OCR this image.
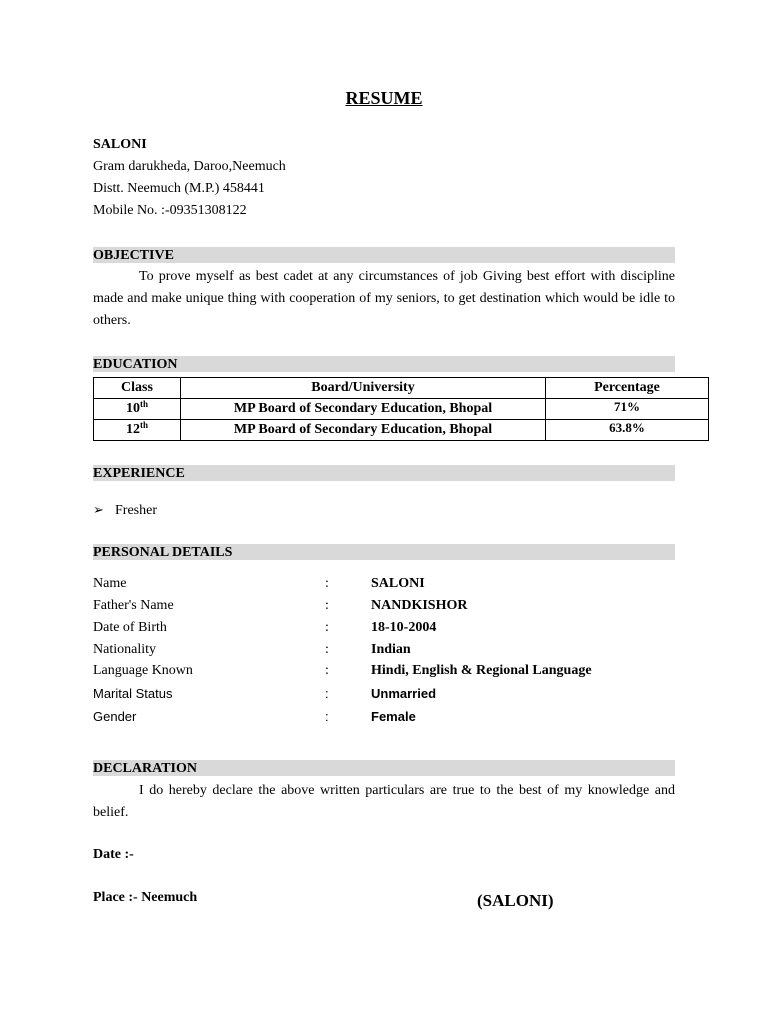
RESUME
SALONI
Gram darukheda, Daroo,Neemuch
Distt. Neemuch (M.P.) 458441
Mobile No. :-09351308122
OBJECTIVE
To prove myself as best cadet at any circumstances of job Giving best effort with discipline made and make unique thing with cooperation of my seniors, to get destination which would be idle to others.
EDUCATION
Class	Board/University	Percentage
10th	MP Board of Secondary Education, Bhopal	71%
12th	MP Board of Secondary Education, Bhopal	63.8%
EXPERIENCE
➢ Fresher
PERSONAL DETAILS
Name	:	SALONI
Father's Name	:	NANDKISHOR
Date of Birth	:	18-10-2004
Nationality	:	Indian
Language Known	:	Hindi, English & Regional Language
Marital Status	:	Unmarried
Gender	:	Female
DECLARATION
I do hereby declare the above written particulars are true to the best of my knowledge and belief.
Date :-
Place :- Neemuch	(SALONI)
